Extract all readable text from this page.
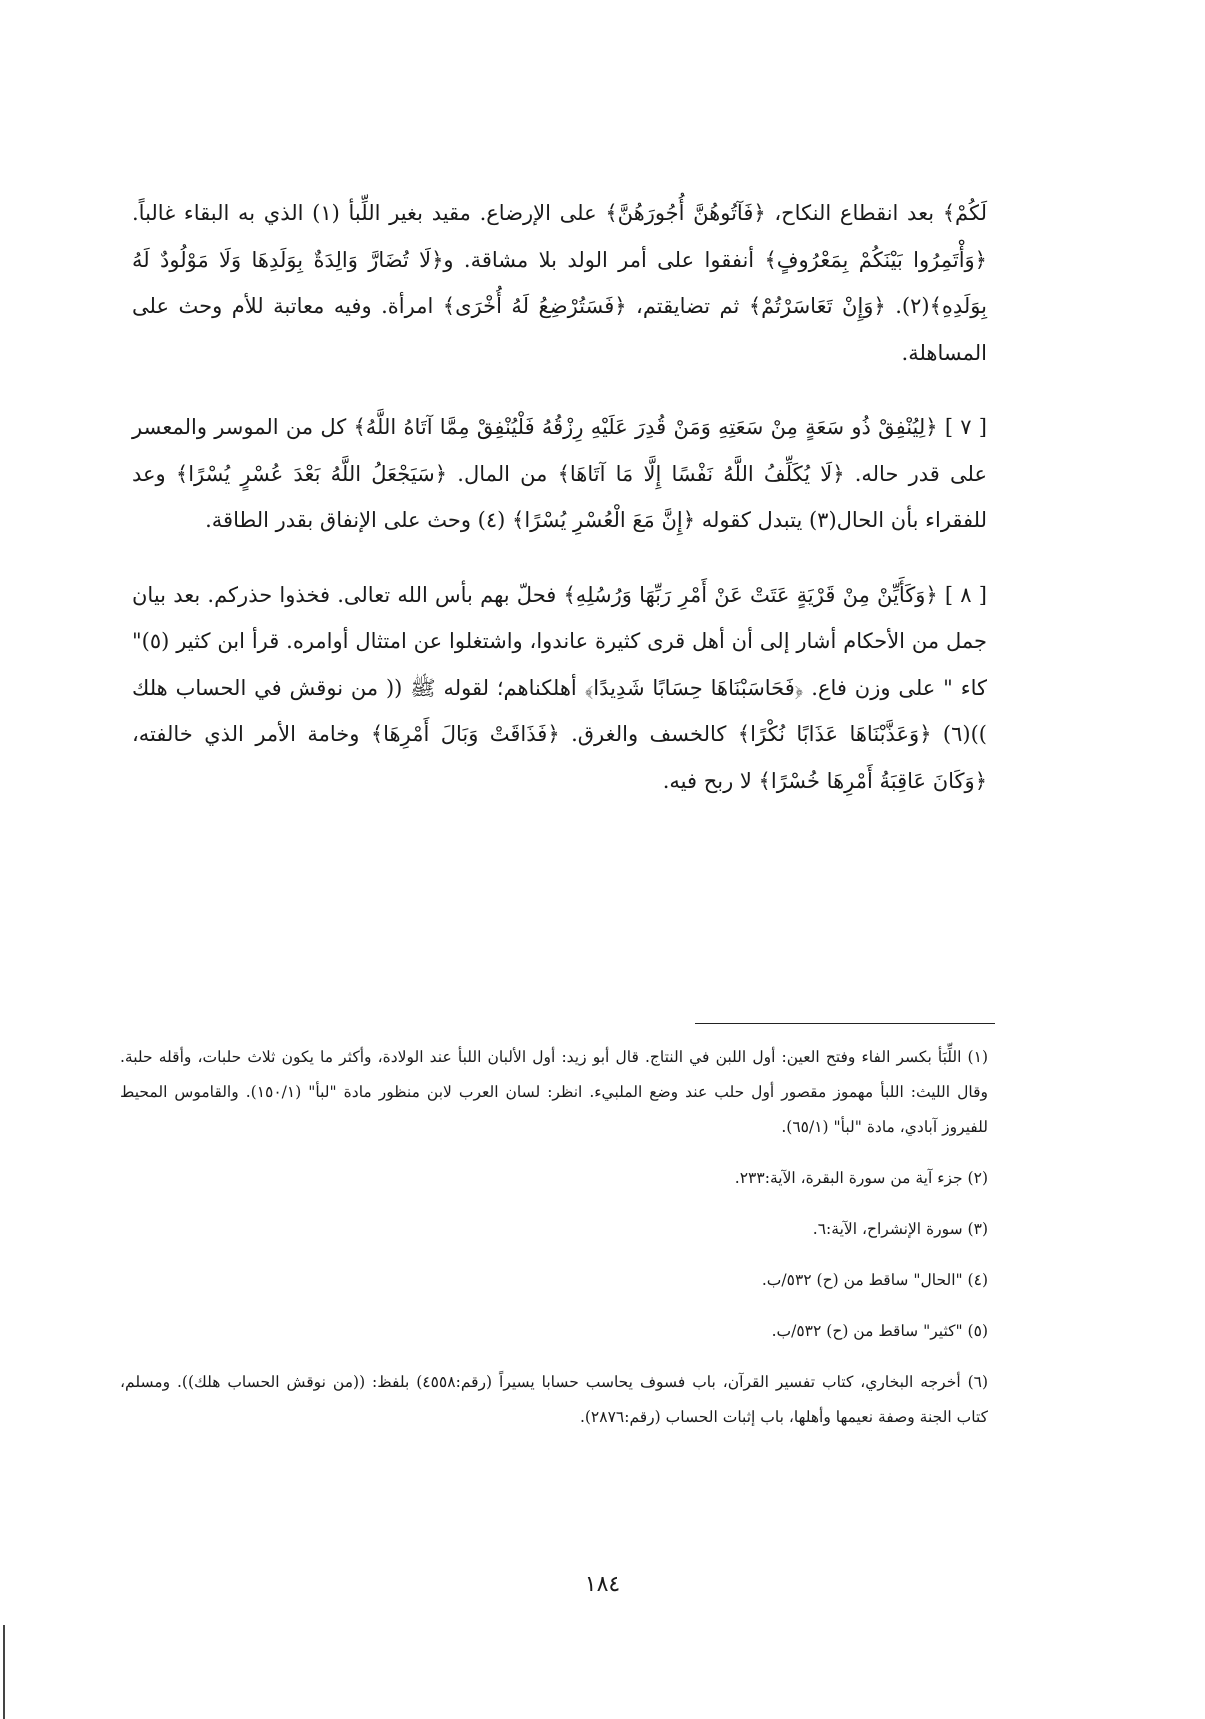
لَكُمْ﴾ بعد انقطاع النكاح، ﴿فَآتُوهُنَّ أُجُورَهُنَّ﴾ على الإرضاع. مقيد بغير اللِّبأ (١) الذي به البقاء غالباً. ﴿وَأْتَمِرُوا بَيْنَكُمْ بِمَعْرُوفٍ﴾ أنفقوا على أمر الولد بلا مشاقة. و﴿لَا تُضَارَّ وَالِدَةٌ بِوَلَدِهَا وَلَا مَوْلُودٌ لَهُ بِوَلَدِهِ﴾(٢). ﴿وَإِنْ تَعَاسَرْتُمْ﴾ ثم تضايقتم، ﴿فَسَتُرْضِعُ لَهُ أُخْرَى﴾ امرأة. وفيه معاتبة للأم وحث على المساهلة.

[ ٧ ] ﴿لِيُنْفِقْ ذُو سَعَةٍ مِنْ سَعَتِهِ وَمَنْ قُدِرَ عَلَيْهِ رِزْقُهُ فَلْيُنْفِقْ مِمَّا آتَاهُ اللَّهُ﴾ كل من الموسر والمعسر على قدر حاله. ﴿لَا يُكَلِّفُ اللَّهُ نَفْسًا إِلَّا مَا آتَاهَا﴾ من المال. ﴿سَيَجْعَلُ اللَّهُ بَعْدَ عُسْرٍ يُسْرًا﴾ وعد للفقراء بأن الحال(٣) يتبدل كقوله ﴿إِنَّ مَعَ الْعُسْرِ يُسْرًا﴾ (٤) وحث على الإنفاق بقدر الطاقة.

[ ٨ ] ﴿وَكَأَيِّنْ مِنْ قَرْيَةٍ عَتَتْ عَنْ أَمْرِ رَبِّهَا وَرُسُلِهِ﴾ فحلّ بهم بأس الله تعالى. فخذوا حذركم. بعد بيان جمل من الأحكام أشار إلى أن أهل قرى كثيرة عاندوا، واشتغلوا عن امتثال أوامره. قرأ ابن كثير (٥)" كاء " على وزن فاع. ﴿فَحَاسَبْنَاهَا حِسَابًا شَدِيدًا﴾ أهلكناهم؛ لقوله ﷺ (( من نوقش في الحساب هلك ))(٦) ﴿وَعَذَّبْنَاهَا عَذَابًا نُكْرًا﴾ كالخسف والغرق. ﴿فَذَاقَتْ وَبَالَ أَمْرِهَا﴾ وخامة الأمر الذي خالفته، ﴿وَكَانَ عَاقِبَةُ أَمْرِهَا خُسْرًا﴾ لا ربح فيه.

(١) اللِّبَأ بكسر الفاء وفتح العين: أول اللبن في النتاج. قال أبو زيد: أول الألبان اللبأ عند الولادة، وأكثر ما يكون ثلاث حلبات، وأقله حلبة. وقال الليث: اللبأ مهموز مقصور أول حلب عند وضع الملبيء. انظر: لسان العرب لابن منظور مادة "لبأ" (١٥٠/١). والقاموس المحيط للفيروز آبادي، مادة "لبأ" (٦٥/١).

(٢) جزء آية من سورة البقرة، الآية:٢٣٣.

(٣) سورة الإنشراح، الآية:٦.

(٤) "الحال" ساقط من (ح) ٥٣٢/ب.

(٥) "كثير" ساقط من (ح) ٥٣٢/ب.

(٦) أخرجه البخاري، كتاب تفسير القرآن، باب فسوف يحاسب حسابا يسيراً (رقم:٤٥٥٨) بلفظ: ((من نوقش الحساب هلك)). ومسلم، كتاب الجنة وصفة نعيمها وأهلها، باب إثبات الحساب (رقم:٢٨٧٦).

١٨٤
